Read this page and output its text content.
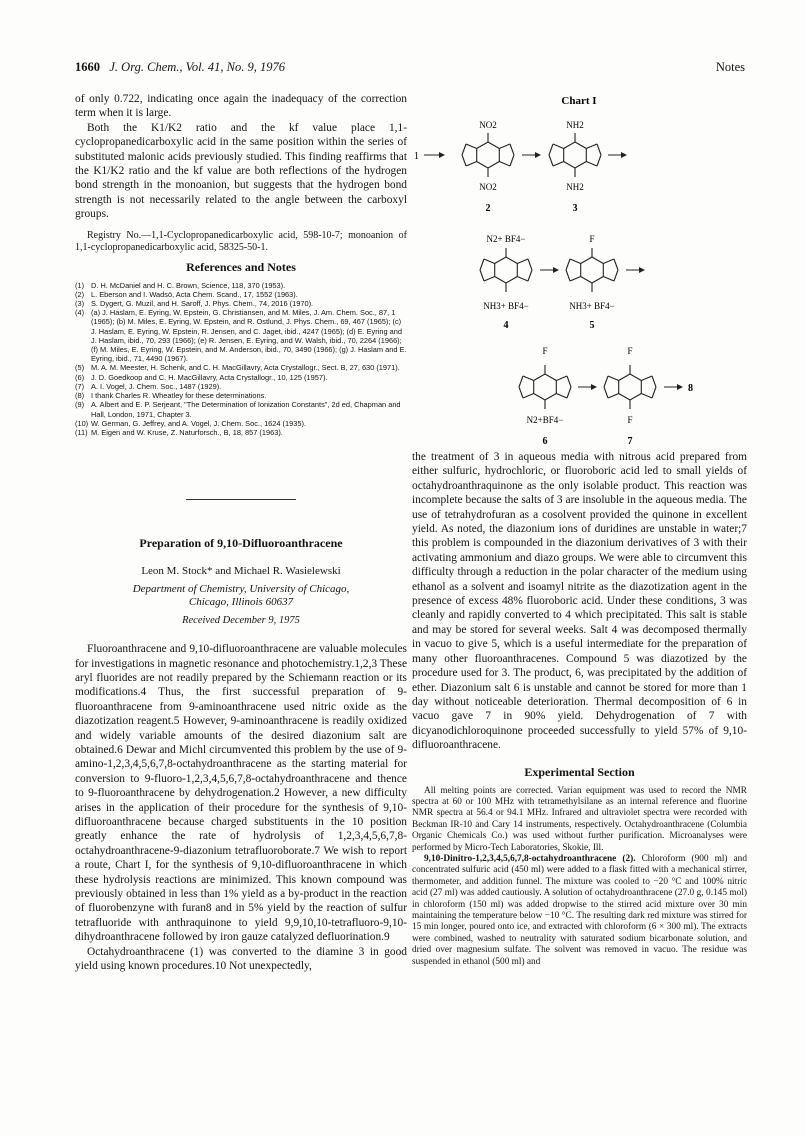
1660 J. Org. Chem., Vol. 41, No. 9, 1976	Notes

of only 0.722, indicating once again the inadequacy of the correction term when it is large.

Both the K1/K2 ratio and the kf value place 1,1-cyclopropanedicarboxylic acid in the same position within the series of substituted malonic acids previously studied. This finding reaffirms that the K1/K2 ratio and the kf value are both reflections of the hydrogen bond strength in the monoanion, but suggests that the hydrogen bond strength is not necessarily related to the angle between the carboxyl groups.

Registry No.—1,1-Cyclopropanedicarboxylic acid, 598-10-7; monoanion of 1,1-cyclopropanedicarboxylic acid, 58325-50-1.

References and Notes
(1) D. H. McDaniel and H. C. Brown, Science, 118, 370 (1953).
(2) L. Eberson and I. Wadsö, Acta Chem. Scand., 17, 1552 (1963).
(3) S. Dygert, G. Muzil, and H. Saroff, J. Phys. Chem., 74, 2016 (1970).
(4) (a) J. Haslam, E. Eyring, W. Epstein, G. Christiansen, and M. Miles, J. Am. Chem. Soc., 87, 1 (1965); (b) M. Miles, E. Eyring, W. Epstein, and R. Ostlund, J. Phys. Chem., 69, 467 (1965); (c) J. Haslam, E. Eyring, W. Epstein, R. Jensen, and C. Jaget, ibid., 4247 (1965); (d) E. Eyring and J. Haslam, ibid., 70, 293 (1966); (e) R. Jensen, E. Eyring, and W. Walsh, ibid., 70, 2264 (1966); (f) M. Miles, E. Eyring, W. Epstein, and M. Anderson, ibid., 70, 3490 (1966); (g) J. Haslam and E. Eyring, ibid., 71, 4490 (1967).
(5) M. A. M. Meester, H. Schenk, and C. H. MacGillavry, Acta Crystallogr., Sect. B, 27, 630 (1971).
(6) J. D. Goedkoop and C. H. MacGillavry, Acta Crystallogr., 10, 125 (1957).
(7) A. I. Vogel, J. Chem. Soc., 1487 (1929).
(8) I thank Charles R. Wheatley for these determinations.
(9) A. Albert and E. P. Serjeant, "The Determination of Ionization Constants", 2d ed, Chapman and Hall, London, 1971, Chapter 3.
(10) W. German, G. Jeffrey, and A. Vogel, J. Chem. Soc., 1624 (1935).
(11) M. Eigen and W. Kruse, Z. Naturforsch., B, 18, 857 (1963).
Preparation of 9,10-Difluoroanthracene
Leon M. Stock* and Michael R. Wasielewski
Department of Chemistry, University of Chicago,
Chicago, Illinois 60637
Received December 9, 1975

Fluoroanthracene and 9,10-difluoroanthracene are valuable molecules for investigations in magnetic resonance and photochemistry.1,2,3 These aryl fluorides are not readily prepared by the Schiemann reaction or its modifications.4 Thus, the first successful preparation of 9-fluoroanthracene from 9-aminoanthracene used nitric oxide as the diazotization reagent.5 However, 9-aminoanthracene is readily oxidized and widely variable amounts of the desired diazonium salt are obtained.6 Dewar and Michl circumvented this problem by the use of 9-amino-1,2,3,4,5,6,7,8-octahydroanthracene as the starting material for conversion to 9-fluoro-1,2,3,4,5,6,7,8-octahydroanthracene and thence to 9-fluoroanthracene by dehydrogenation.2 However, a new difficulty arises in the application of their procedure for the synthesis of 9,10-difluoroanthracene because charged substituents in the 10 position greatly enhance the rate of hydrolysis of 1,2,3,4,5,6,7,8-octahydroanthracene-9-diazonium tetrafluoroborate.7 We wish to report a route, Chart I, for the synthesis of 9,10-difluoroanthracene in which these hydrolysis reactions are minimized. This known compound was previously obtained in less than 1% yield as a by-product in the reaction of fluorobenzyne with furan8 and in 5% yield by the reaction of sulfur tetrafluoride with anthraquinone to yield 9,9,10,10-tetrafluoro-9,10-dihydroanthracene followed by iron gauze catalyzed defluorination.9

Octahydroanthracene (1) was converted to the diamine 3 in good yield using known procedures.10 Not unexpectedly,

Chart I
1
NO2
NO2
2
NH2
NH2
3
N2+ BF4−
NH3+ BF4−
4
F
NH3+ BF4−
5
F
N2+BF4−
6
F
F
7
8

the treatment of 3 in aqueous media with nitrous acid prepared from either sulfuric, hydrochloric, or fluoroboric acid led to small yields of octahydroanthraquinone as the only isolable product. This reaction was incomplete because the salts of 3 are insoluble in the aqueous media. The use of tetrahydrofuran as a cosolvent provided the quinone in excellent yield. As noted, the diazonium ions of duridines are unstable in water;7 this problem is compounded in the diazonium derivatives of 3 with their activating ammonium and diazo groups. We were able to circumvent this difficulty through a reduction in the polar character of the medium using ethanol as a solvent and isoamyl nitrite as the diazotization agent in the presence of excess 48% fluoroboric acid. Under these conditions, 3 was cleanly and rapidly converted to 4 which precipitated. This salt is stable and may be stored for several weeks. Salt 4 was decomposed thermally in vacuo to give 5, which is a useful intermediate for the preparation of many other fluoroanthracenes. Compound 5 was diazotized by the procedure used for 3. The product, 6, was precipitated by the addition of ether. Diazonium salt 6 is unstable and cannot be stored for more than 1 day without noticeable deterioration. Thermal decomposition of 6 in vacuo gave 7 in 90% yield. Dehydrogenation of 7 with dicyanodichloroquinone proceeded successfully to yield 57% of 9,10-difluoroanthracene.

Experimental Section

All melting points are corrected. Varian equipment was used to record the NMR spectra at 60 or 100 MHz with tetramethylsilane as an internal reference and fluorine NMR spectra at 56.4 or 94.1 MHz. Infrared and ultraviolet spectra were recorded with Beckman IR-10 and Cary 14 instruments, respectively. Octahydroanthracene (Columbia Organic Chemicals Co.) was used without further purification. Microanalyses were performed by Micro-Tech Laboratories, Skokie, Ill.

9,10-Dinitro-1,2,3,4,5,6,7,8-octahydroanthracene (2). Chloroform (900 ml) and concentrated sulfuric acid (450 ml) were added to a flask fitted with a mechanical stirrer, thermometer, and addition funnel. The mixture was cooled to −20 °C and 100% nitric acid (27 ml) was added cautiously. A solution of octahydroanthracene (27.0 g, 0.145 mol) in chloroform (150 ml) was added dropwise to the stirred acid mixture over 30 min maintaining the temperature below −10 °C. The resulting dark red mixture was stirred for 15 min longer, poured onto ice, and extracted with chloroform (6 × 300 ml). The extracts were combined, washed to neutrality with saturated sodium bicarbonate solution, and dried over magnesium sulfate. The solvent was removed in vacuo. The residue was suspended in ethanol (500 ml) and
